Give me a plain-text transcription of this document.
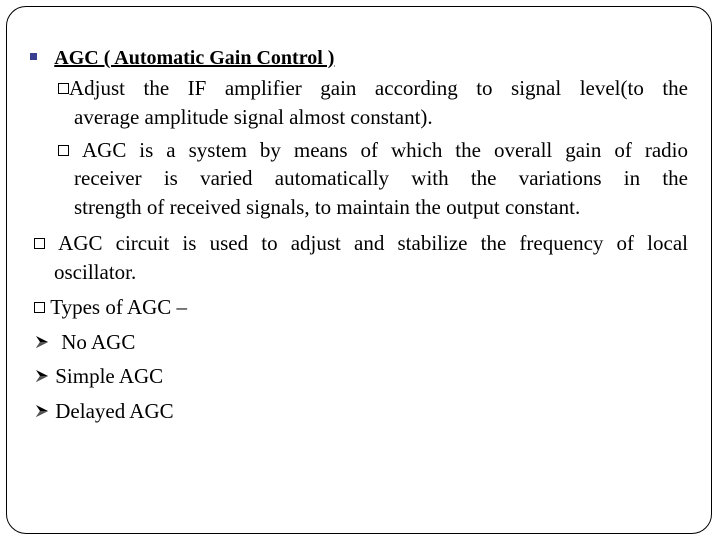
AGC ( Automatic Gain Control )
Adjust the IF amplifier gain according to signal level(to the
average amplitude signal almost constant).
AGC is a system by means of which the overall gain of radio
receiver is varied automatically with the variations in the
strength of received signals, to maintain the output constant.
AGC circuit is used to adjust and stabilize the frequency of local
oscillator.
Types of AGC –
No AGC
Simple AGC
Delayed AGC
